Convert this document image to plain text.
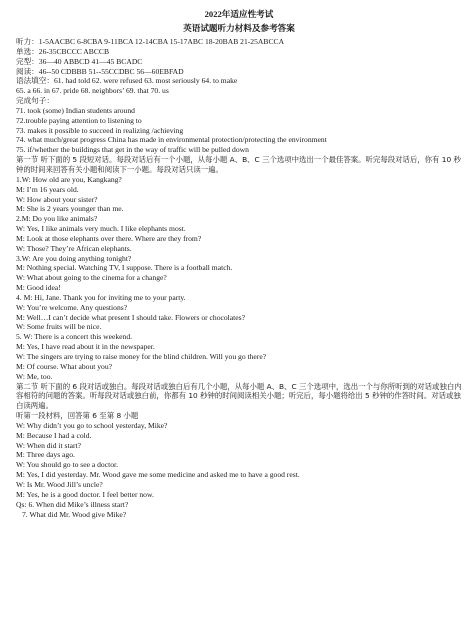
2022年适应性考试
英语试题听力材料及参考答案
听力：1-5AACBC 6-8CBA 9-11BCA 12-14CBA 15-17ABC 18-20BAB 21-25ABCCA
单选：26-35CBCCC ABCCB
完型：36—40 ABBCD 41—45 BCADC
阅读：46--50 CDBBB 51--55CCDBC 56—60EBFAD
语法填空：61. had told 62. were refused 63. most seriously 64. to make
65. a 66. in 67. pride 68. neighbors’ 69. that 70. us
完成句子：
71. took (some) Indian students around
72.trouble paying attention to listening to
73. makes it possible to succeed in realizing /achieving
74. what much/great progress China has made in environmental protection/protecting the environment
75. if/whether the buildings that get in the way of traffic will be pulled down
第一节 听下面的 5 段短对话。每段对话后有一个小题，从每小题 A、B、C 三个选项中选出一个最佳答案。听完每段对话后，你有 10 秒钟的时间来回答有关小题和阅读下一小题。每段对话只读一遍。
1.W: How old are you, Kangkang?
M: I’m 16 years old.
W: How about your sister?
M: She is 2 years younger than me.
2.M: Do you like animals?
W: Yes, I like animals very much. I like elephants most.
M: Look at those elephants over there. Where are they from?
W: Those? They’re African elephants.
3.W: Are you doing anything tonight?
M: Nothing special. Watching TV, I suppose. There is a football match.
W: What about going to the cinema for a change?
M: Good idea!
4. M: Hi, Jane. Thank you for inviting me to your party.
W: You’re welcome. Any questions?
M: Well…I can’t decide what present I should take. Flowers or chocolates?
W: Some fruits will be nice.
5. W: There is a concert this weekend.
M: Yes, I have read about it in the newspaper.
W: The singers are trying to raise money for the blind children. Will you go there?
M: Of course. What about you?
W: Me, too.
第二节 听下面的 6 段对话或独白。每段对话或独白后有几个小题，从每小题 A、B、C 三个选项中，选出一个与你所听到的对话或独白内容相符的问题的答案。听每段对话或独白前，你都有 10 秒钟的时间阅读相关小题；听完后，每小题将给出 5 秒钟的作答时间。对话或独白读两遍。
听第一段材料，回答第 6 至第 8 小题
W: Why didn’t you go to school yesterday, Mike?
M: Because I had a cold.
W: When did it start?
M: Three days ago.
W: You should go to see a doctor.
M: Yes, I did yesterday. Mr. Wood gave me some medicine and asked me to have a good rest.
W: Is Mr. Wood Jill’s uncle?
M: Yes, he is a good doctor. I feel better now.
Qs: 6. When did Mike’s illness start?
7. What did Mr. Wood give Mike?
